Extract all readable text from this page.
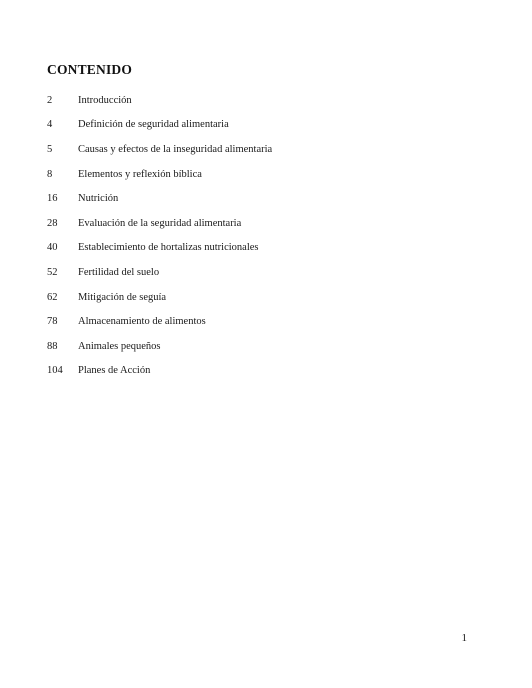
CONTENIDO
2	Introducción
4	Definición de seguridad alimentaria
5	Causas y efectos de la inseguridad alimentaria
8	Elementos y reflexión bíblica
16	Nutrición
28	Evaluación de la seguridad alimentaria
40	Establecimiento de hortalizas nutricionales
52	Fertilidad del suelo
62	Mitigación de seguía
78	Almacenamiento de alimentos
88	Animales pequeños
104	Planes de Acción
1
